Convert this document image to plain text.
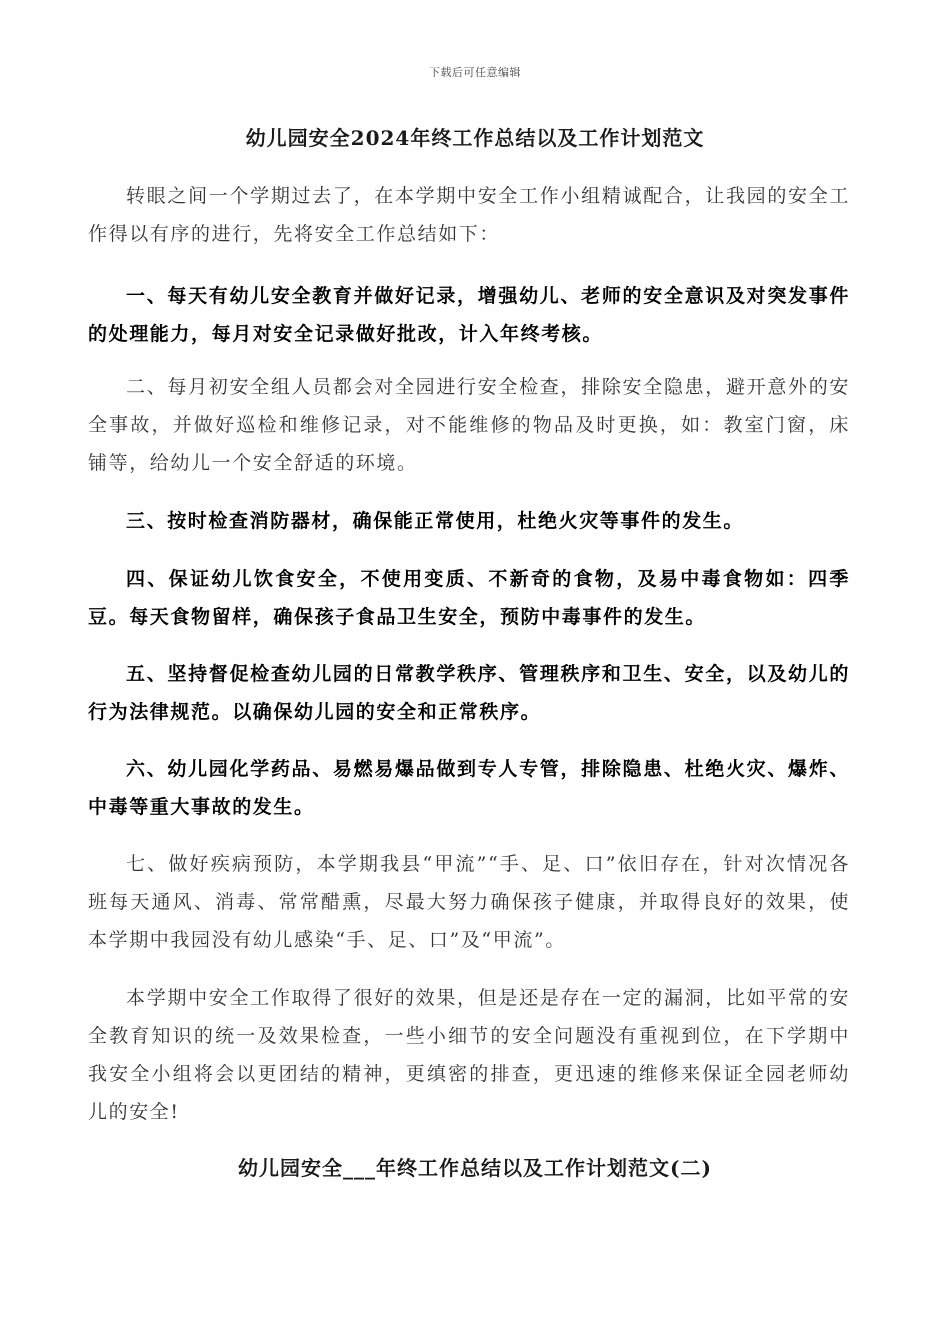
下载后可任意编辑
幼儿园安全2024年终工作总结以及工作计划范文

转眼之间一个学期过去了，在本学期中安全工作小组精诚配合，让我园的安全工作得以有序的进行，先将安全工作总结如下：

一、每天有幼儿安全教育并做好记录，增强幼儿、老师的安全意识及对突发事件的处理能力，每月对安全记录做好批改，计入年终考核。

二、每月初安全组人员都会对全园进行安全检查，排除安全隐患，避开意外的安全事故，并做好巡检和维修记录，对不能维修的物品及时更换，如：教室门窗，床铺等，给幼儿一个安全舒适的环境。

三、按时检查消防器材，确保能正常使用，杜绝火灾等事件的发生。

四、保证幼儿饮食安全，不使用变质、不新奇的食物，及易中毒食物如：四季豆。每天食物留样，确保孩子食品卫生安全，预防中毒事件的发生。

五、坚持督促检查幼儿园的日常教学秩序、管理秩序和卫生、安全，以及幼儿的行为法律规范。以确保幼儿园的安全和正常秩序。

六、幼儿园化学药品、易燃易爆品做到专人专管，排除隐患、杜绝火灾、爆炸、中毒等重大事故的发生。

七、做好疾病预防，本学期我县“甲流”“手、足、口”依旧存在，针对次情况各班每天通风、消毒、常常醋熏，尽最大努力确保孩子健康，并取得良好的效果，使本学期中我园没有幼儿感染“手、足、口”及“甲流”。

本学期中安全工作取得了很好的效果，但是还是存在一定的漏洞，比如平常的安全教育知识的统一及效果检查，一些小细节的安全问题没有重视到位，在下学期中我安全小组将会以更团结的精神，更缜密的排查，更迅速的维修来保证全园老师幼儿的安全!

幼儿园安全___年终工作总结以及工作计划范文(二)
